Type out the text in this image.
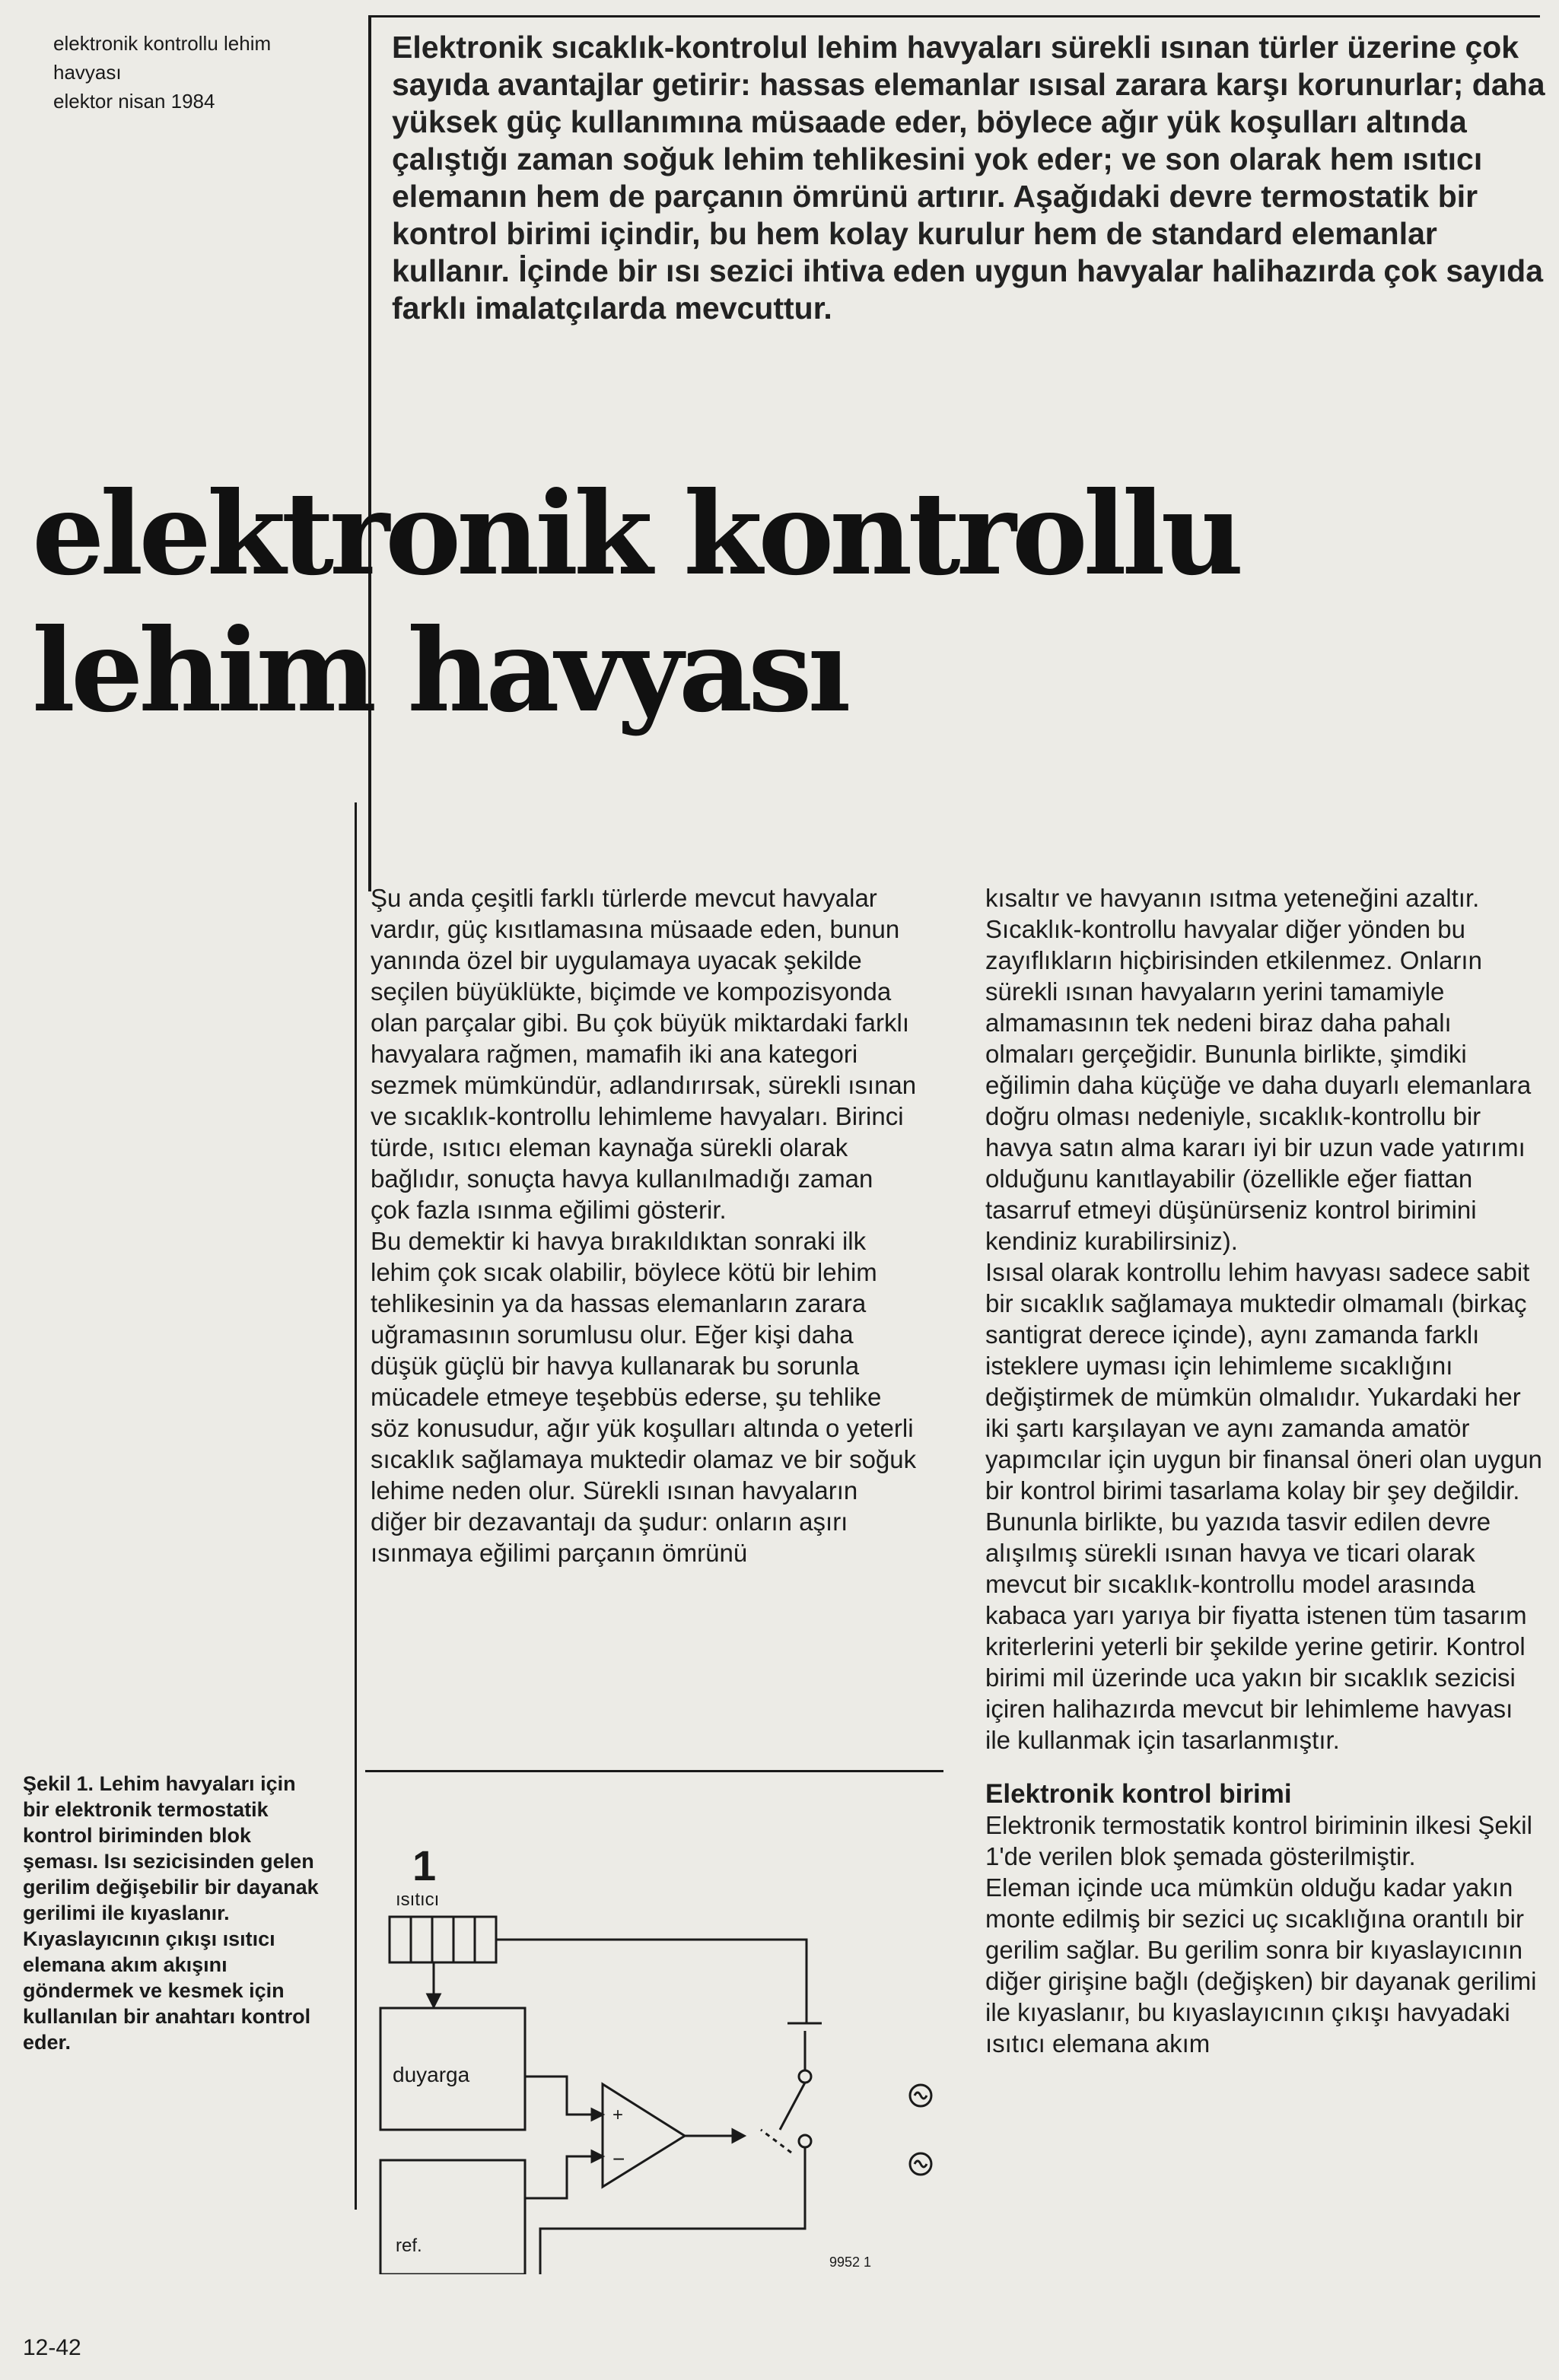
elektronik kontrollu lehim
havyası
elektor nisan 1984
Elektronik sıcaklık-kontrolul lehim havyaları sürekli ısınan türler üzerine çok sayıda avantajlar getirir: hassas elemanlar ısısal zarara karşı korunurlar; daha yüksek güç kullanımına müsaade eder, böylece ağır yük koşulları altında çalıştığı zaman soğuk lehim tehlikesini yok eder; ve son olarak hem ısıtıcı elemanın hem de parçanın ömrünü artırır. Aşağıdaki devre termostatik bir kontrol birimi içindir, bu hem kolay kurulur hem de standard elemanlar kullanır. İçinde bir ısı sezici ihtiva eden uygun havyalar halihazırda çok sayıda farklı imalatçılarda mevcuttur.
elektronik kontrollu
lehim havyası

Şu anda çeşitli farklı türlerde mevcut havyalar vardır, güç kısıtlamasına müsaade eden, bunun yanında özel bir uygulamaya uyacak şekilde seçilen büyüklükte, biçimde ve kompozisyonda olan parçalar gibi. Bu çok büyük miktardaki farklı havyalara rağmen, mamafih iki ana kategori sezmek mümkündür, adlandırırsak, sürekli ısınan ve sıcaklık-kontrollu lehimleme havyaları. Birinci türde, ısıtıcı eleman kaynağa sürekli olarak bağlıdır, sonuçta havya kullanılmadığı zaman çok fazla ısınma eğilimi gösterir.

Bu demektir ki havya bırakıldıktan sonraki ilk lehim çok sıcak olabilir, böylece kötü bir lehim tehlikesinin ya da hassas elemanların zarara uğramasının sorumlusu olur. Eğer kişi daha düşük güçlü bir havya kullanarak bu sorunla mücadele etmeye teşebbüs ederse, şu tehlike söz konusudur, ağır yük koşulları altında o yeterli sıcaklık sağlamaya muktedir olamaz ve bir soğuk lehime neden olur. Sürekli ısınan havyaların diğer bir dezavantajı da şudur: onların aşırı ısınmaya eğilimi parçanın ömrünü

kısaltır ve havyanın ısıtma yeteneğini azaltır.

Sıcaklık-kontrollu havyalar diğer yönden bu zayıflıkların hiçbirisinden etkilenmez. Onların sürekli ısınan havyaların yerini tamamiyle almamasının tek nedeni biraz daha pahalı olmaları gerçeğidir. Bununla birlikte, şimdiki eğilimin daha küçüğe ve daha duyarlı elemanlara doğru olması nedeniyle, sıcaklık-kontrollu bir havya satın alma kararı iyi bir uzun vade yatırımı olduğunu kanıtlayabilir (özellikle eğer fiattan tasarruf etmeyi düşünürseniz kontrol birimini kendiniz kurabilirsiniz).

Isısal olarak kontrollu lehim havyası sadece sabit bir sıcaklık sağlamaya muktedir olmamalı (birkaç santigrat derece içinde), aynı zamanda farklı isteklere uyması için lehimleme sıcaklığını değiştirmek de mümkün olmalıdır. Yukardaki her iki şartı karşılayan ve aynı zamanda amatör yapımcılar için uygun bir finansal öneri olan uygun bir kontrol birimi tasarlama kolay bir şey değildir. Bununla birlikte, bu yazıda tasvir edilen devre alışılmış sürekli ısınan havya ve ticari olarak mevcut bir sıcaklık-kontrollu model arasında kabaca yarı yarıya bir fiyatta istenen tüm tasarım kriterlerini yeterli bir şekilde yerine getirir. Kontrol birimi mil üzerinde uca yakın bir sıcaklık sezicisi içiren halihazırda mevcut bir lehimleme havyası ile kullanmak için tasarlanmıştır.

Elektronik kontrol birimi

Elektronik termostatik kontrol biriminin ilkesi Şekil 1'de verilen blok şemada gösterilmiştir.

Eleman içinde uca mümkün olduğu kadar yakın monte edilmiş bir sezici uç sıcaklığına orantılı bir gerilim sağlar. Bu gerilim sonra bir kıyaslayıcının diğer girişine bağlı (değişken) bir dayanak gerilimi ile kıyaslanır, bu kıyaslayıcının çıkışı havyadaki ısıtıcı elemana akım

Şekil 1. Lehim havyaları için bir elektronik termostatik kontrol biriminden blok şeması. Isı sezicisinden gelen gerilim değişebilir bir dayanak gerilimi ile kıyaslanır. Kıyaslayıcının çıkışı ısıtıcı elemana akım akışını göndermek ve kesmek için kullanılan bir anahtarı kontrol eder.
1
ısıtıcı
duyarga
ref.
+
−
9952 1
12-42
